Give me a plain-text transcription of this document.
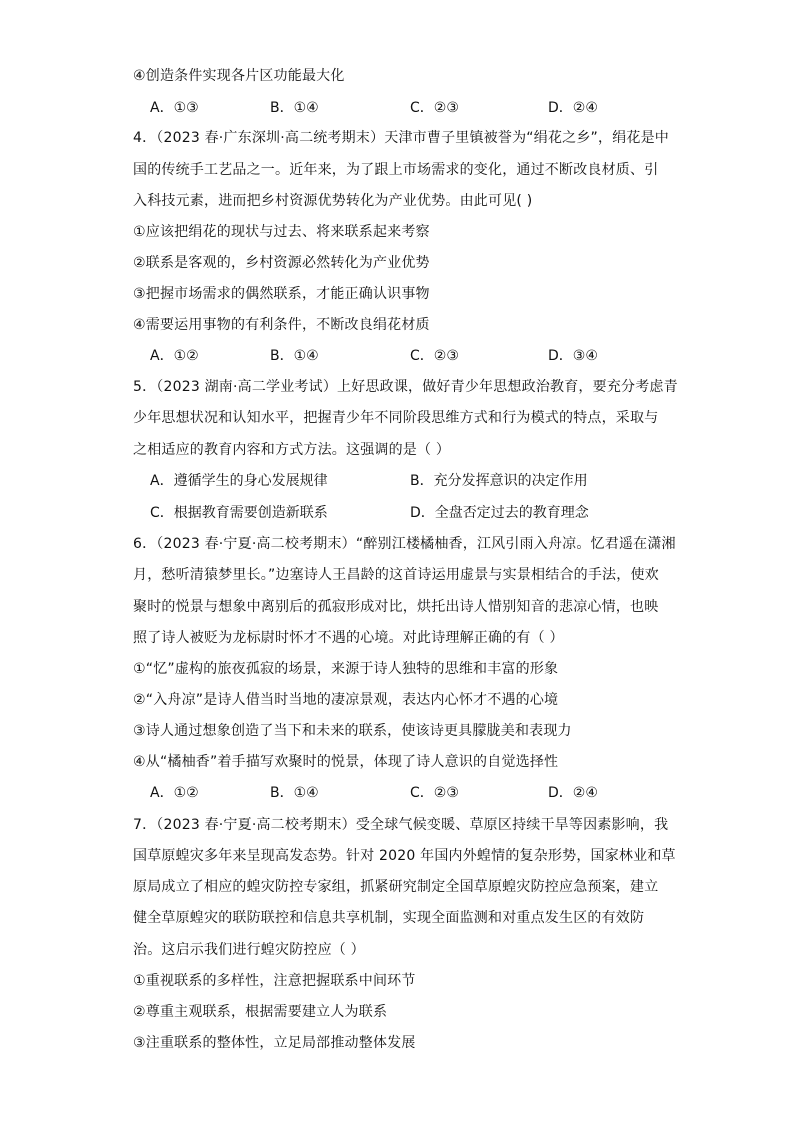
④创造条件实现各片区功能最大化
A．①③	B．①④	C．②③	D．②④
4．（2023 春·广东深圳·高二统考期末）天津市曹子里镇被誉为“绢花之乡”，绢花是中
国的传统手工艺品之一。近年来，为了跟上市场需求的变化，通过不断改良材质、引
入科技元素，进而把乡村资源优势转化为产业优势。由此可见( )
①应该把绢花的现状与过去、将来联系起来考察
②联系是客观的，乡村资源必然转化为产业优势
③把握市场需求的偶然联系，才能正确认识事物
④需要运用事物的有利条件，不断改良绢花材质
A．①②	B．①④	C．②③	D．③④
5．（2023 湖南·高二学业考试）上好思政课，做好青少年思想政治教育，要充分考虑青
少年思想状况和认知水平，把握青少年不同阶段思维方式和行为模式的特点，采取与
之相适应的教育内容和方式方法。这强调的是（ ）
A．遵循学生的身心发展规律	B．充分发挥意识的决定作用
C．根据教育需要创造新联系	D．全盘否定过去的教育理念
6．（2023 春·宁夏·高二校考期末）“醉别江楼橘柚香，江风引雨入舟凉。忆君遥在潇湘
月，愁听清猿梦里长。”边塞诗人王昌龄的这首诗运用虚景与实景相结合的手法，使欢
聚时的悦景与想象中离别后的孤寂形成对比，烘托出诗人惜别知音的悲凉心情，也映
照了诗人被贬为龙标尉时怀才不遇的心境。对此诗理解正确的有（ ）
①“忆”虚构的旅夜孤寂的场景，来源于诗人独特的思维和丰富的形象
②“入舟凉”是诗人借当时当地的凄凉景观，表达内心怀才不遇的心境
③诗人通过想象创造了当下和未来的联系，使该诗更具朦胧美和表现力
④从“橘柚香”着手描写欢聚时的悦景，体现了诗人意识的自觉选择性
A．①②	B．①④	C．②③	D．②④
7．（2023 春·宁夏·高二校考期末）受全球气候变暖、草原区持续干旱等因素影响，我
国草原蝗灾多年来呈现高发态势。针对 2020 年国内外蝗情的复杂形势，国家林业和草
原局成立了相应的蝗灾防控专家组，抓紧研究制定全国草原蝗灾防控应急预案，建立
健全草原蝗灾的联防联控和信息共享机制，实现全面监测和对重点发生区的有效防
治。这启示我们进行蝗灾防控应（ ）
①重视联系的多样性，注意把握联系中间环节
②尊重主观联系，根据需要建立人为联系
③注重联系的整体性，立足局部推动整体发展
